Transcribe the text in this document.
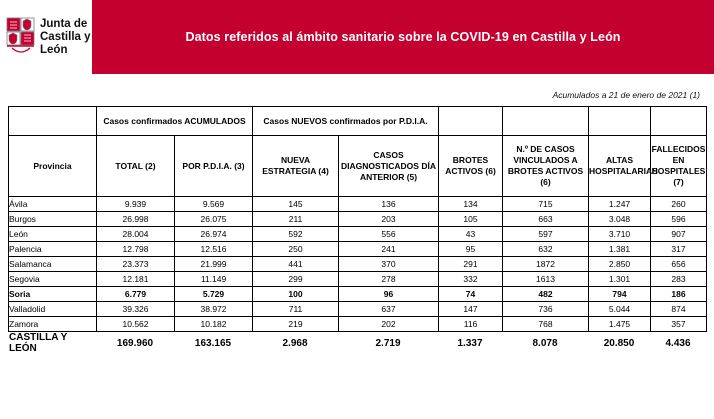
Junta de
Castilla y León
Datos referidos al ámbito sanitario sobre la COVID-19 en Castilla y León
Acumulados a 21 de enero de 2021 (1)
	Casos confirmados ACUMULADOS		Casos NUEVOS confirmados por P.D.I.A.					
Provincia	TOTAL (2)	POR P.D.I.A. (3)	NUEVA ESTRATEGIA (4)	CASOS DIAGNOSTICADOS DÍA ANTERIOR (5)	BROTES ACTIVOS (6)	N.º DE CASOS VINCULADOS A BROTES ACTIVOS (6)	ALTAS HOSPITALARIAS	FALLECIDOS EN HOSPITALES (7)
Ávila	9.939	9.569	145	136	134	715	1.247	260
Burgos	26.998	26.075	211	203	105	663	3.048	596
León	28.004	26.974	592	556	43	597	3.710	907
Palencia	12.798	12.516	250	241	95	632	1.381	317
Salamanca	23.373	21.999	441	370	291	1872	2.850	656
Segovia	12.181	11.149	299	278	332	1613	1.301	283
Soria	6.779	5.729	100	96	74	482	794	186
Valladolid	39.326	38.972	711	637	147	736	5.044	874
Zamora	10.562	10.182	219	202	116	768	1.475	357
CASTILLA Y LEÓN	169.960	163.165	2.968	2.719	1.337	8.078	20.850	4.436
